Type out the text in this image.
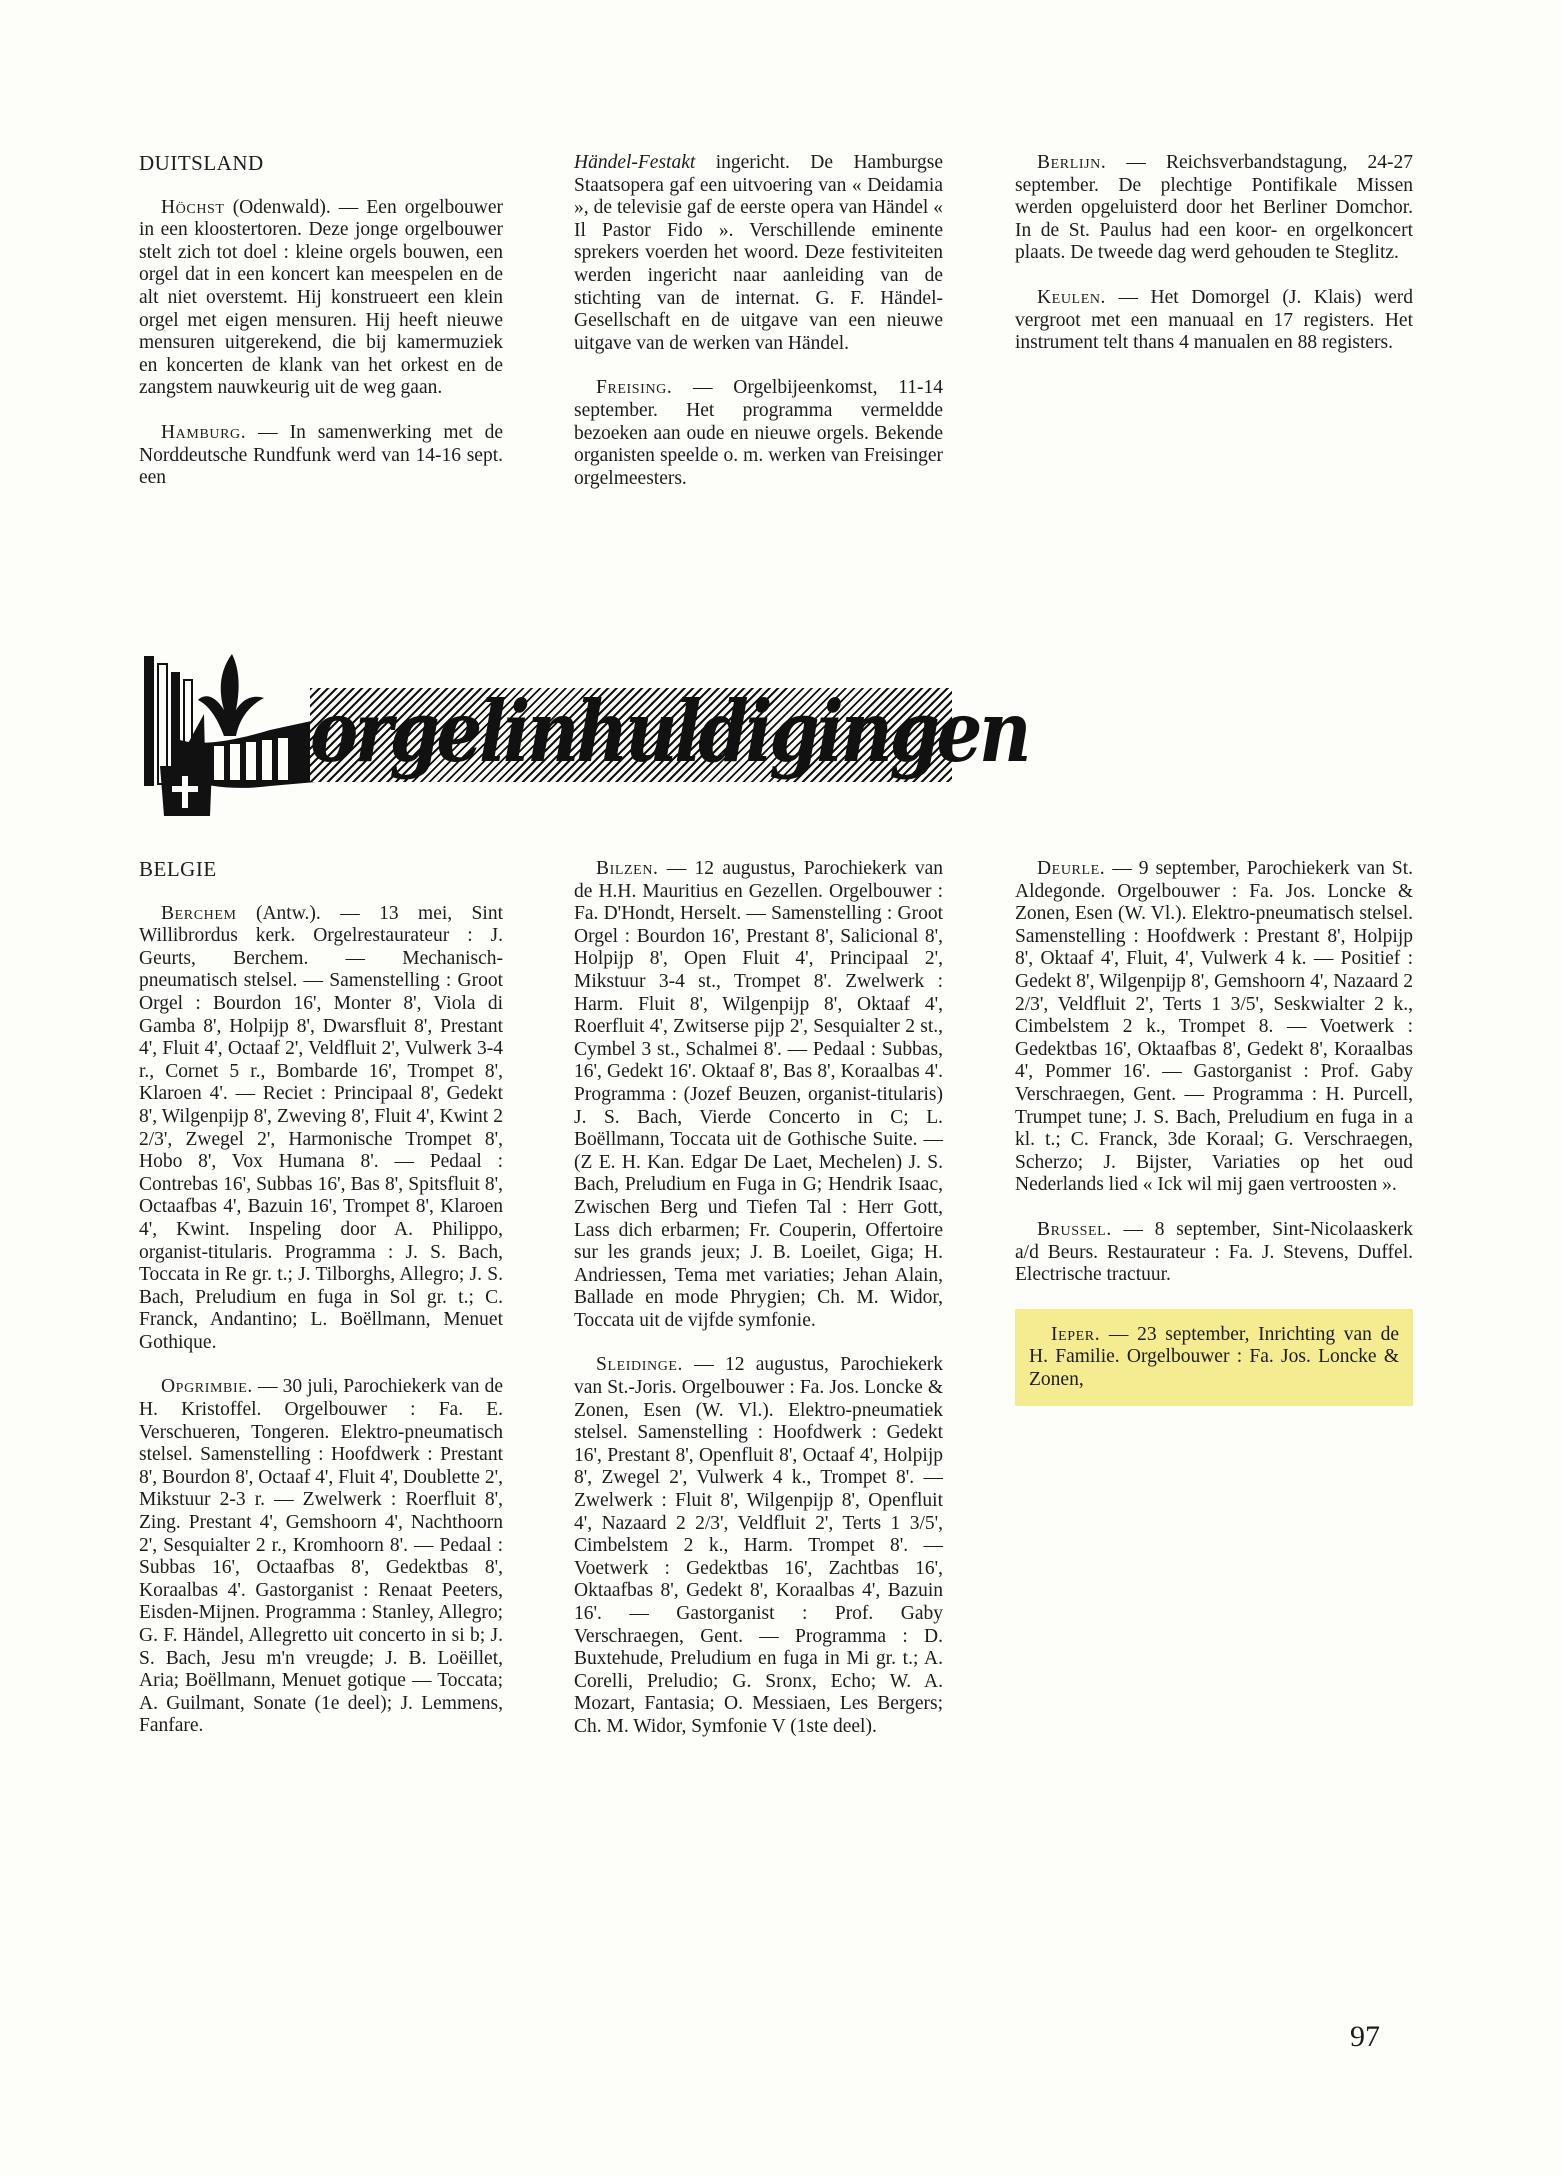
DUITSLAND

Höchst (Odenwald). — Een orgelbouwer in een kloostertoren. Deze jonge orgelbouwer stelt zich tot doel : kleine orgels bouwen, een orgel dat in een koncert kan meespelen en de alt niet overstemt. Hij konstrueert een klein orgel met eigen mensuren. Hij heeft nieuwe mensuren uitgerekend, die bij kamermuziek en koncerten de klank van het orkest en de zangstem nauwkeurig uit de weg gaan.

Hamburg. — In samenwerking met de Norddeutsche Rundfunk werd van 14-16 sept. een

Händel-Festakt ingericht. De Hamburgse Staatsopera gaf een uitvoering van « Deidamia », de televisie gaf de eerste opera van Händel « Il Pastor Fido ». Verschillende eminente sprekers voerden het woord. Deze festiviteiten werden ingericht naar aanleiding van de stichting van de internat. G. F. Händel-Gesellschaft en de uitgave van een nieuwe uitgave van de werken van Händel.

Freising. — Orgelbijeenkomst, 11-14 september. Het programma vermeldde bezoeken aan oude en nieuwe orgels. Bekende organisten speelde o. m. werken van Freisinger orgelmeesters.

Berlijn. — Reichsverbandstagung, 24-27 september. De plechtige Pontifikale Missen werden opgeluisterd door het Berliner Domchor. In de St. Paulus had een koor- en orgelkoncert plaats. De tweede dag werd gehouden te Steglitz.

Keulen. — Het Domorgel (J. Klais) werd vergroot met een manuaal en 17 registers. Het instrument telt thans 4 manualen en 88 registers.

orgelinhuldigingen
BELGIE

Berchem (Antw.). — 13 mei, Sint Willibrordus kerk. Orgelrestaurateur : J. Geurts, Berchem. — Mechanisch-pneumatisch stelsel. — Samenstelling : Groot Orgel : Bourdon 16', Monter 8', Viola di Gamba 8', Holpijp 8', Dwarsfluit 8', Prestant 4', Fluit 4', Octaaf 2', Veldfluit 2', Vulwerk 3-4 r., Cornet 5 r., Bombarde 16', Trompet 8', Klaroen 4'. — Reciet : Principaal 8', Gedekt 8', Wilgenpijp 8', Zweving 8', Fluit 4', Kwint 2 2/3', Zwegel 2', Harmonische Trompet 8', Hobo 8', Vox Humana 8'. — Pedaal : Contrebas 16', Subbas 16', Bas 8', Spitsfluit 8', Octaafbas 4', Bazuin 16', Trompet 8', Klaroen 4', Kwint. Inspeling door A. Philippo, organist-titularis. Programma : J. S. Bach, Toccata in Re gr. t.; J. Tilborghs, Allegro; J. S. Bach, Preludium en fuga in Sol gr. t.; C. Franck, Andantino; L. Boëllmann, Menuet Gothique.

Opgrimbie. — 30 juli, Parochiekerk van de H. Kristoffel. Orgelbouwer : Fa. E. Verschueren, Tongeren. Elektro-pneumatisch stelsel. Samenstelling : Hoofdwerk : Prestant 8', Bourdon 8', Octaaf 4', Fluit 4', Doublette 2', Mikstuur 2-3 r. — Zwelwerk : Roerfluit 8', Zing. Prestant 4', Gemshoorn 4', Nachthoorn 2', Sesquialter 2 r., Kromhoorn 8'. — Pedaal : Subbas 16', Octaafbas 8', Gedektbas 8', Koraalbas 4'. Gastorganist : Renaat Peeters, Eisden-Mijnen. Programma : Stanley, Allegro; G. F. Händel, Allegretto uit concerto in si b; J. S. Bach, Jesu m'n vreugde; J. B. Loëillet, Aria; Boëllmann, Menuet gotique — Toccata; A. Guilmant, Sonate (1e deel); J. Lemmens, Fanfare.

Bilzen. — 12 augustus, Parochiekerk van de H.H. Mauritius en Gezellen. Orgelbouwer : Fa. D'Hondt, Herselt. — Samenstelling : Groot Orgel : Bourdon 16', Prestant 8', Salicional 8', Holpijp 8', Open Fluit 4', Principaal 2', Mikstuur 3-4 st., Trompet 8'. Zwelwerk : Harm. Fluit 8', Wilgenpijp 8', Oktaaf 4', Roerfluit 4', Zwitserse pijp 2', Sesquialter 2 st., Cymbel 3 st., Schalmei 8'. — Pedaal : Subbas, 16', Gedekt 16'. Oktaaf 8', Bas 8', Koraalbas 4'. Programma : (Jozef Beuzen, organist-titularis) J. S. Bach, Vierde Concerto in C; L. Boëllmann, Toccata uit de Gothische Suite. — (Z E. H. Kan. Edgar De Laet, Mechelen) J. S. Bach, Preludium en Fuga in G; Hendrik Isaac, Zwischen Berg und Tiefen Tal : Herr Gott, Lass dich erbarmen; Fr. Couperin, Offertoire sur les grands jeux; J. B. Loeilet, Giga; H. Andriessen, Tema met variaties; Jehan Alain, Ballade en mode Phrygien; Ch. M. Widor, Toccata uit de vijfde symfonie.

Sleidinge. — 12 augustus, Parochiekerk van St.-Joris. Orgelbouwer : Fa. Jos. Loncke & Zonen, Esen (W. Vl.). Elektro-pneumatiek stelsel. Samenstelling : Hoofdwerk : Gedekt 16', Prestant 8', Openfluit 8', Octaaf 4', Holpijp 8', Zwegel 2', Vulwerk 4 k., Trompet 8'. — Zwelwerk : Fluit 8', Wilgenpijp 8', Openfluit 4', Nazaard 2 2/3', Veldfluit 2', Terts 1 3/5', Cimbelstem 2 k., Harm. Trompet 8'. — Voetwerk : Gedektbas 16', Zachtbas 16', Oktaafbas 8', Gedekt 8', Koraalbas 4', Bazuin 16'. — Gastorganist : Prof. Gaby Verschraegen, Gent. — Programma : D. Buxtehude, Preludium en fuga in Mi gr. t.; A. Corelli, Preludio; G. Sronx, Echo; W. A. Mozart, Fantasia; O. Messiaen, Les Bergers; Ch. M. Widor, Symfonie V (1ste deel).

Deurle. — 9 september, Parochiekerk van St. Aldegonde. Orgelbouwer : Fa. Jos. Loncke & Zonen, Esen (W. Vl.). Elektro-pneumatisch stelsel. Samenstelling : Hoofdwerk : Prestant 8', Holpijp 8', Oktaaf 4', Fluit, 4', Vulwerk 4 k. — Positief : Gedekt 8', Wilgenpijp 8', Gemshoorn 4', Nazaard 2 2/3', Veldfluit 2', Terts 1 3/5', Seskwialter 2 k., Cimbelstem 2 k., Trompet 8. — Voetwerk : Gedektbas 16', Oktaafbas 8', Gedekt 8', Koraalbas 4', Pommer 16'. — Gastorganist : Prof. Gaby Verschraegen, Gent. — Programma : H. Purcell, Trumpet tune; J. S. Bach, Preludium en fuga in a kl. t.; C. Franck, 3de Koraal; G. Verschraegen, Scherzo; J. Bijster, Variaties op het oud Nederlands lied « Ick wil mij gaen vertroosten ».

Brussel. — 8 september, Sint-Nicolaaskerk a/d Beurs. Restaurateur : Fa. J. Stevens, Duffel. Electrische tractuur.

Ieper. — 23 september, Inrichting van de H. Familie. Orgelbouwer : Fa. Jos. Loncke & Zonen,

97
